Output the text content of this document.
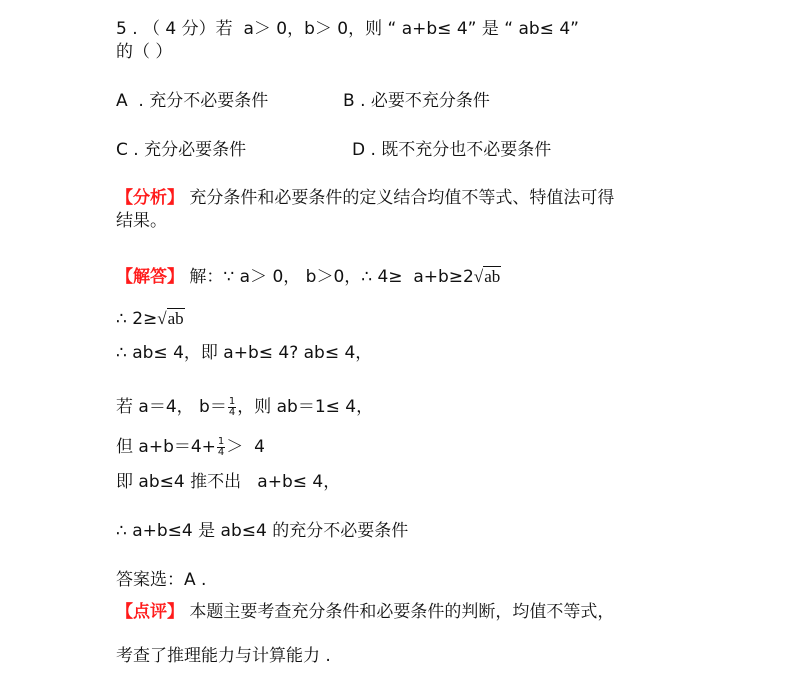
5 . （ 4 分）若  a＞ 0，b＞ 0，则 “ a+b≤ 4” 是 “ ab≤ 4”
的（ ）
A  . 充分不必要条件	B . 必要不充分条件
C . 充分必要条件	D . 既不充分也不必要条件
【分析】 充分条件和必要条件的定义结合均值不等式、特值法可得
结果。
【解答】 解：∵ a＞ 0， b＞0，∴ 4≥  a+b≥2√ab
∴ 2≥√ab
∴ ab≤ 4，即 a+b≤ 4? ab≤ 4，
若 a＝4， $b= \frac{1}{4}$ ，则 ab＝1≤ 4，
但 $a+b=4+ \frac{1}{4} > 4$
即 ab≤4 推不出   a+b≤ 4，
∴ a+b≤4 是 ab≤4 的充分不必要条件
答案选：A .
【点评】 本题主要考查充分条件和必要条件的判断，均值不等式，
考查了推理能力与计算能力 .
